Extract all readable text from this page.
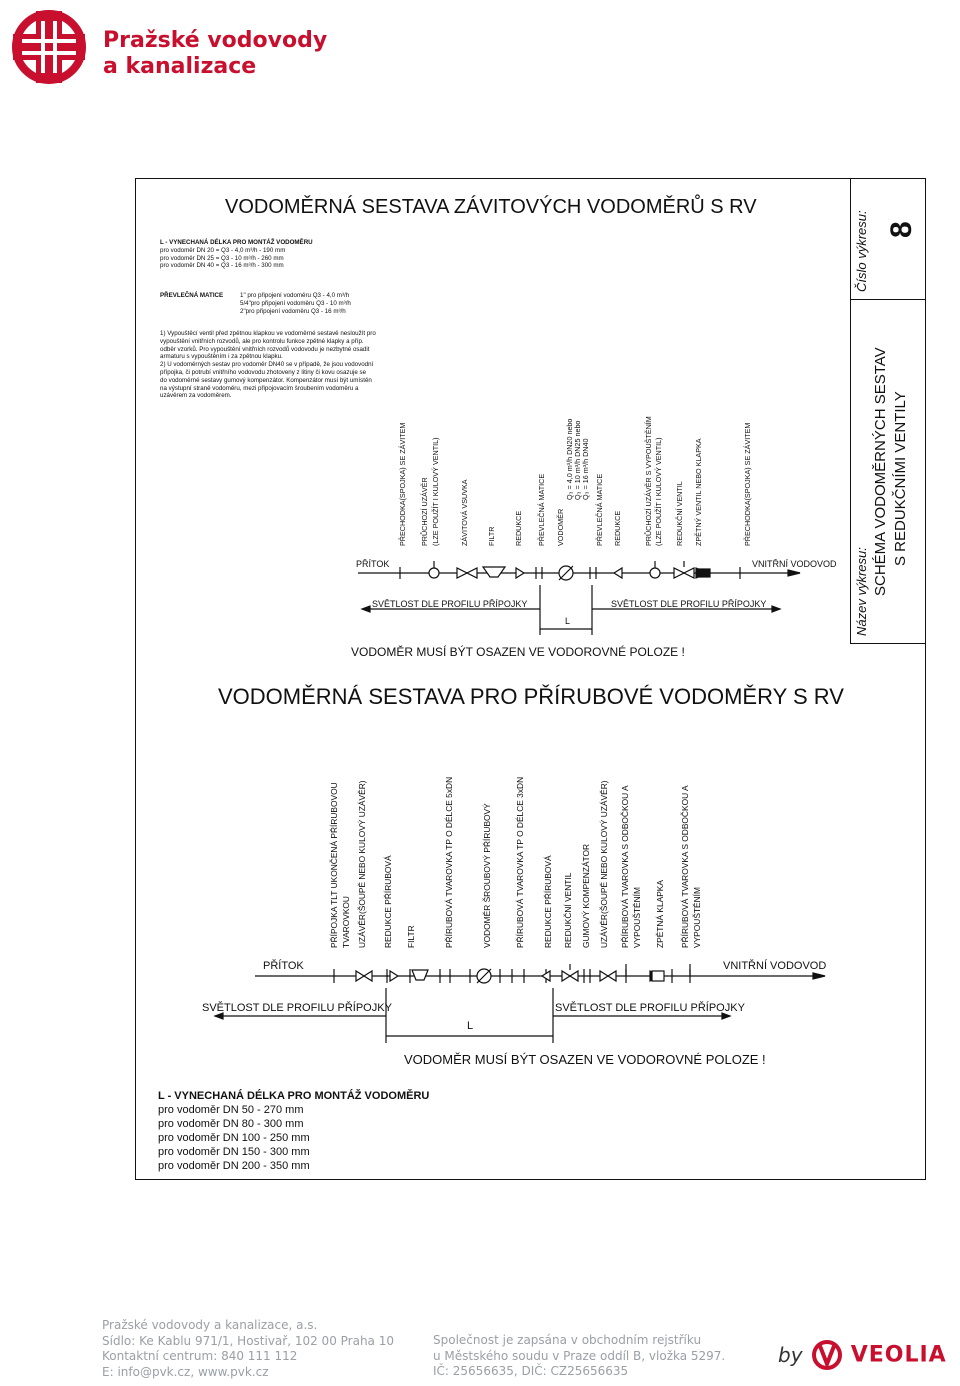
Pražské vodovody
a kanalizace
Číslo výkresu: 8
Název výkresu: SCHÉMA VODOMĚRNÝCH SESTAV S REDUKČNÍMI VENTILY
VODOMĚRNÁ SESTAVA ZÁVITOVÝCH VODOMĚRŮ S RV
L - VYNECHANÁ DÉLKA PRO MONTÁŽ VODOMĚRU
pro vodoměr DN 20 = Q3 - 4,0 m³/h - 190 mm
pro vodoměr DN 25 = Q3 - 10 m³/h - 260 mm
pro vodoměr DN 40 = Q3 - 16 m³/h - 300 mm
PŘEVLEČNÁ MATICE	1" pro připojení vodoměru Q3 - 4,0 m³/h
5/4"pro připojení vodoměru Q3 - 10 m³/h
2"pro připojení vodoměru Q3 - 16 m³/h
1) Vypouštěcí ventil před zpětnou klapkou ve vodoměrné sestavě nesloužít pro
vypouštění vnitřních rozvodů, ale pro kontrolu funkce zpětné klapky a příp.
odběr vzorků. Pro vypouštění vnitřních rozvodů vodovodu je nezbytné osadit
armaturu s vypouštěním i za zpětnou klapku.
2) U vodoměrných sestav pro vodoměr DN40 se v případě, že jsou vodovodní
přípojka, či potrubí vnitřního vodovodu zhotoveny z litiny či kovu osazuje se
do vodoměrné sestavy gumový kompenzátor. Kompenzátor musí být umístěn
na výstupní straně vodoměru, mezi připojovacím šroubením vodoměru a
uzávěrem za vodoměrem.
PŘECHODKA(SPOJKA) SE ZÁVITEM PRŮCHOZÍ UZÁVĚR (LZE POUŽÍT I KULOVÝ VENTIL)	ZÁVITOVÁ VSUVKA	FILTR	REDUKCE PŘEVLEČNÁ MATICE VODOMĚR
Q₃ = 4,0 m³/h DN20 nebo Q₃ = 10 m³/h DN25 nebo Q₃ = 16 m³/h DN40
PŘEVLEČNÁ MATICE REDUKCE	PRŮCHOZÍ UZÁVĚR S VYPOUŠTĚNÍM (LZE POUŽÍT I KULOVÝ VENTIL) REDUKČNÍ VENTIL ZPĚTNÝ VENTIL NEBO KLAPKA	PŘECHODKA(SPOJKA) SE ZÁVITEM
PŘÍTOK	VNITŘNÍ VODOVOD
SVĚTLOST DLE PROFILU PŘÍPOJKY	SVĚTLOST DLE PROFILU PŘÍPOJKY
L
VODOMĚR MUSÍ BÝT OSAZEN VE VODOROVNÉ POLOZE !
VODOMĚRNÁ SESTAVA PRO PŘÍRUBOVÉ VODOMĚRY S RV
PŘÍPOJKA TLT UKONČENÁ PŘÍRUBOVOU TVAROVKOU UZÁVĚR(ŠOUPĚ NEBO KULOVÝ UZÁVĚR) REDUKCE PŘÍRUBOVÁ FILTR	PŘÍRUBOVÁ TVAROVKA TP O DÉLCE 5xDN	VODOMĚR ŠROUBOVÝ PŘÍRUBOVÝ	PŘÍRUBOVÁ TVAROVKA TP O DÉLCE 3xDN REDUKCE PŘÍRUBOVÁ REDUKČNÍ VENTIL GUMOVÝ KOMPENZÁTOR UZÁVĚR(ŠOUPĚ NEBO KULOVÝ UZÁVĚR) PŘÍRUBOVÁ TVAROVKA S ODBOČKOU A VYPOUŠTĚNÍM ZPĚTNÁ KLAPKA PŘÍRUBOVÁ TVAROVKA S ODBOČKOU A VYPOUŠTĚNÍM
PŘÍTOK	VNITŘNÍ VODOVOD
SVĚTLOST DLE PROFILU PŘÍPOJKY	SVĚTLOST DLE PROFILU PŘÍPOJKY
L
VODOMĚR MUSÍ BÝT OSAZEN VE VODOROVNÉ POLOZE !
L - VYNECHANÁ DÉLKA PRO MONTÁŽ VODOMĚRU
pro vodoměr DN 50 - 270 mm
pro vodoměr DN 80 - 300 mm
pro vodoměr DN 100 - 250 mm
pro vodoměr DN 150 - 300 mm
pro vodoměr DN 200 - 350 mm
Pražské vodovody a kanalizace, a.s.
Sídlo: Ke Kablu 971/1, Hostivař, 102 00 Praha 10
Kontaktní centrum: 840 111 112
E: info@pvk.cz, www.pvk.cz
Společnost je zapsána v obchodním rejstříku
u Městského soudu v Praze oddíl B, vložka 5297.
IČ: 25656635, DIČ: CZ25656635
by VEOLIA
